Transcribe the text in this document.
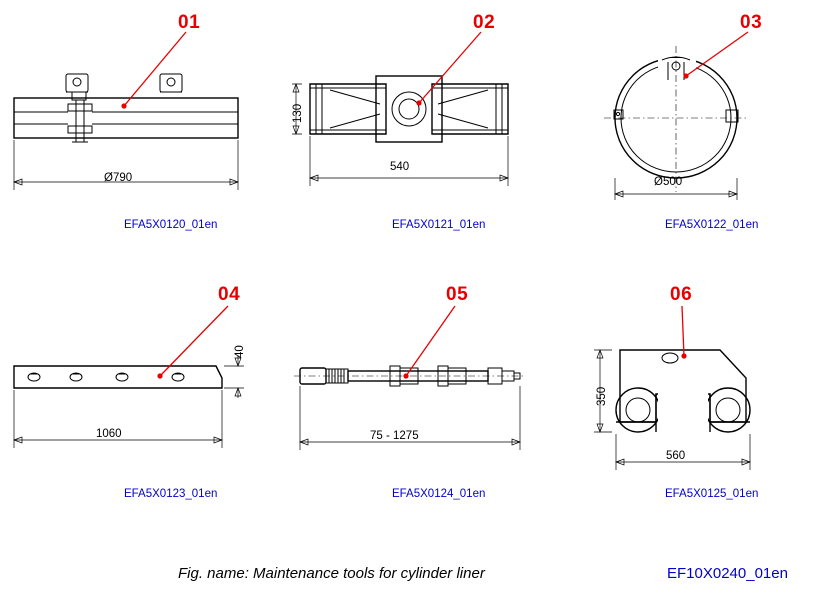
01
Ø790
EFA5X0120_01en
02
540
130
EFA5X0121_01en
03
Ø500
EFA5X0122_01en
04
1060
40
EFA5X0123_01en
05
75 - 1275
EFA5X0124_01en
06
560
350
EFA5X0125_01en
Fig. name: Maintenance tools for cylinder liner	EF10X0240_01en
